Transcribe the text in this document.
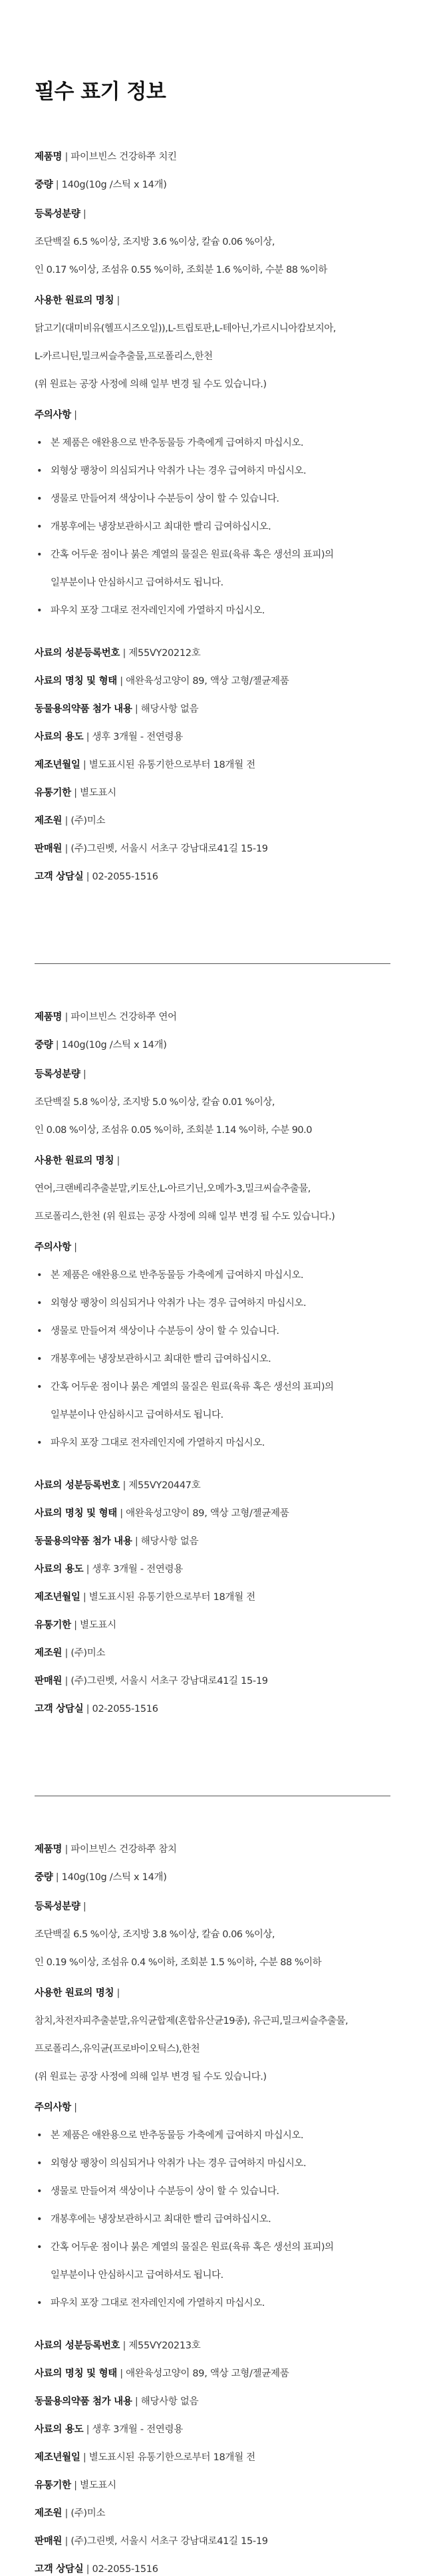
필수 표기 정보

제품명 | 파이브빈스 건강하쭈 치킨

중량 | 140g(10g /스틱 x 14개)

등록성분량 |

조단백질 6.5 %이상, 조지방 3.6 %이상, 칼슘 0.06 %이상,

인 0.17 %이상, 조섬유 0.55 %이하, 조회분 1.6 %이하, 수분 88 %이하

사용한 원료의 명칭 |

닭고기(대미비유(헬프시즈오일)),L-트립토판,L-테아닌,가르시니아캄보지아,

L-카르니틴,밀크씨슬추출물,프로폴리스,한천

(위 원료는 공장 사정에 의해 일부 변경 될 수도 있습니다.)

주의사항 |

• 본 제품은 애완용으로 반추동물등 가축에게 급여하지 마십시오.
• 외형상 팽창이 의심되거나 악취가 나는 경우 급여하지 마십시오.
• 생물로 만들어져 색상이나 수분등이 상이 할 수 있습니다.
• 개봉후에는 냉장보관하시고 최대한 빨리 급여하십시오.
• 간혹 어두운 점이나 붉은 계열의 물질은 원료(육류 혹은 생선의 표피)의
일부분이나 안심하시고 급여하셔도 됩니다.
• 파우치 포장 그대로 전자레인지에 가열하지 마십시오.

사료의 성분등록번호 | 제55VY20212호

사료의 명칭 및 형태 | 애완육성고양이 89, 액상 고형/젤균제품

동물용의약품 첨가 내용 | 해당사항 없음

사료의 용도 | 생후 3개월 - 전연령용

제조년월일 | 별도표시된 유통기한으로부터 18개월 전

유통기한 | 별도표시

제조원 | (주)미소

판매원 | (주)그린벳, 서울시 서초구 강남대로41길 15-19

고객 상담실 | 02-2055-1516

제품명 | 파이브빈스 건강하쭈 연어

중량 | 140g(10g /스틱 x 14개)

등록성분량 |

조단백질 5.8 %이상, 조지방 5.0 %이상, 칼슘 0.01 %이상,

인 0.08 %이상, 조섬유 0.05 %이하, 조회분 1.14 %이하, 수분 90.0

사용한 원료의 명칭 |

연어,크랜베리추출분말,키토산,L-아르기닌,오메가-3,밀크씨슬추출물,

프로폴리스,한천 (위 원료는 공장 사정에 의해 일부 변경 될 수도 있습니다.)

주의사항 |

• 본 제품은 애완용으로 반추동물등 가축에게 급여하지 마십시오.
• 외형상 팽창이 의심되거나 악취가 나는 경우 급여하지 마십시오.
• 생물로 만들어져 색상이나 수분등이 상이 할 수 있습니다.
• 개봉후에는 냉장보관하시고 최대한 빨리 급여하십시오.
• 간혹 어두운 점이나 붉은 계열의 물질은 원료(육류 혹은 생선의 표피)의
일부분이나 안심하시고 급여하셔도 됩니다.
• 파우치 포장 그대로 전자레인지에 가열하지 마십시오.

사료의 성분등록번호 | 제55VY20447호

사료의 명칭 및 형태 | 애완육성고양이 89, 액상 고형/젤균제품

동물용의약품 첨가 내용 | 해당사항 없음

사료의 용도 | 생후 3개월 - 전연령용

제조년월일 | 별도표시된 유통기한으로부터 18개월 전

유통기한 | 별도표시

제조원 | (주)미소

판매원 | (주)그린벳, 서울시 서초구 강남대로41길 15-19

고객 상담실 | 02-2055-1516

제품명 | 파이브빈스 건강하쭈 참치

중량 | 140g(10g /스틱 x 14개)

등록성분량 |

조단백질 6.5 %이상, 조지방 3.8 %이상, 칼슘 0.06 %이상,

인 0.19 %이상, 조섬유 0.4 %이하, 조회분 1.5 %이하, 수분 88 %이하

사용한 원료의 명칭 |

참치,차전자피추출분말,유익균합제(혼합유산균19종), 유근피,밀크씨슬추출물,

프로폴리스,유익균(프로바이오틱스),한천

(위 원료는 공장 사정에 의해 일부 변경 될 수도 있습니다.)

주의사항 |

• 본 제품은 애완용으로 반추동물등 가축에게 급여하지 마십시오.
• 외형상 팽창이 의심되거나 악취가 나는 경우 급여하지 마십시오.
• 생물로 만들어져 색상이나 수분등이 상이 할 수 있습니다.
• 개봉후에는 냉장보관하시고 최대한 빨리 급여하십시오.
• 간혹 어두운 점이나 붉은 계열의 물질은 원료(육류 혹은 생선의 표피)의
일부분이나 안심하시고 급여하셔도 됩니다.
• 파우치 포장 그대로 전자레인지에 가열하지 마십시오.

사료의 성분등록번호 | 제55VY20213호

사료의 명칭 및 형태 | 애완육성고양이 89, 액상 고형/젤균제품

동물용의약품 첨가 내용 | 해당사항 없음

사료의 용도 | 생후 3개월 - 전연령용

제조년월일 | 별도표시된 유통기한으로부터 18개월 전

유통기한 | 별도표시

제조원 | (주)미소

판매원 | (주)그린벳, 서울시 서초구 강남대로41길 15-19

고객 상담실 | 02-2055-1516
